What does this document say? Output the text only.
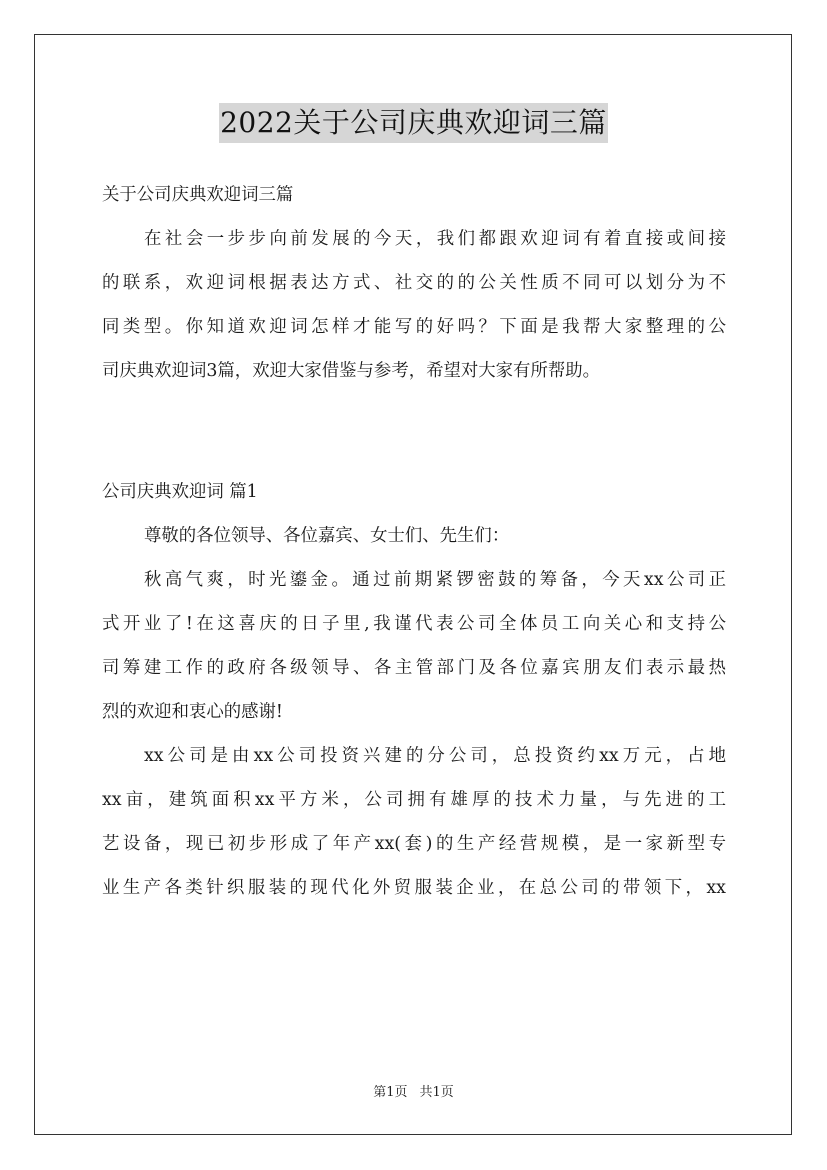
2022关于公司庆典欢迎词三篇
关于公司庆典欢迎词三篇
在社会一步步向前发展的今天，我们都跟欢迎词有着直接或间接
的联系，欢迎词根据表达方式、社交的的公关性质不同可以划分为不
同类型。你知道欢迎词怎样才能写的好吗？下面是我帮大家整理的公
司庆典欢迎词3篇，欢迎大家借鉴与参考，希望对大家有所帮助。
公司庆典欢迎词 篇1
尊敬的各位领导、各位嘉宾、女士们、先生们：
秋高气爽，时光鎏金。通过前期紧锣密鼓的筹备，今天xx公司正
式开业了!在这喜庆的日子里,我谨代表公司全体员工向关心和支持公
司筹建工作的政府各级领导、各主管部门及各位嘉宾朋友们表示最热
烈的欢迎和衷心的感谢!
xx公司是由xx公司投资兴建的分公司，总投资约xx万元，占地
xx亩，建筑面积xx平方米，公司拥有雄厚的技术力量，与先进的工
艺设备，现已初步形成了年产xx(套)的生产经营规模，是一家新型专
业生产各类针织服装的现代化外贸服装企业，在总公司的带领下，xx
第1页 共1页
